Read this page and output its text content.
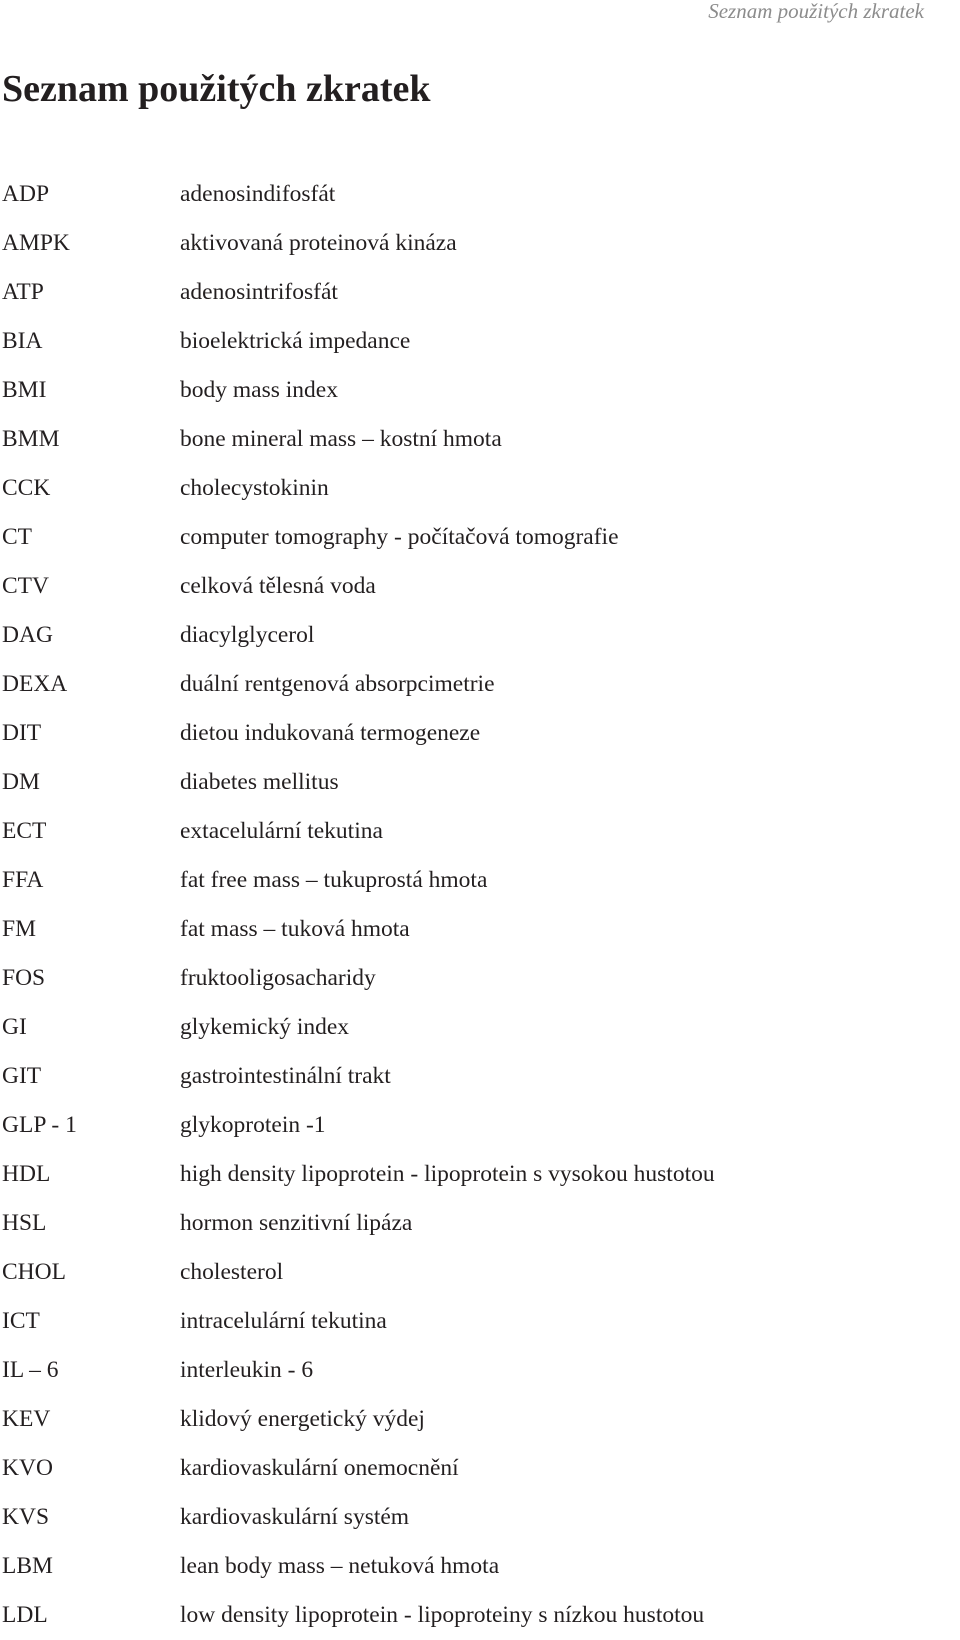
Seznam použitých zkratek
Seznam použitých zkratek
ADP	adenosindifosfát
AMPK	aktivovaná proteinová kináza
ATP	adenosintrifosfát
BIA	bioelektrická impedance
BMI	body mass index
BMM	bone mineral mass – kostní hmota
CCK	cholecystokinin
CT	computer tomography - počítačová tomografie
CTV	celková tělesná voda
DAG	diacylglycerol
DEXA	duální rentgenová absorpcimetrie
DIT	dietou indukovaná termogeneze
DM	diabetes mellitus
ECT	extacelulární tekutina
FFA	fat free mass – tukuprostá hmota
FM	fat mass – tuková hmota
FOS	fruktooligosacharidy
GI	glykemický index
GIT	gastrointestinální trakt
GLP - 1	glykoprotein -1
HDL	high density lipoprotein - lipoprotein s vysokou hustotou
HSL	hormon senzitivní lipáza
CHOL	cholesterol
ICT	intracelulární tekutina
IL – 6	interleukin - 6
KEV	klidový energetický výdej
KVO	kardiovaskulární onemocnění
KVS	kardiovaskulární systém
LBM	lean body mass – netuková hmota
LDL	low density lipoprotein - lipoproteiny s nízkou hustotou
